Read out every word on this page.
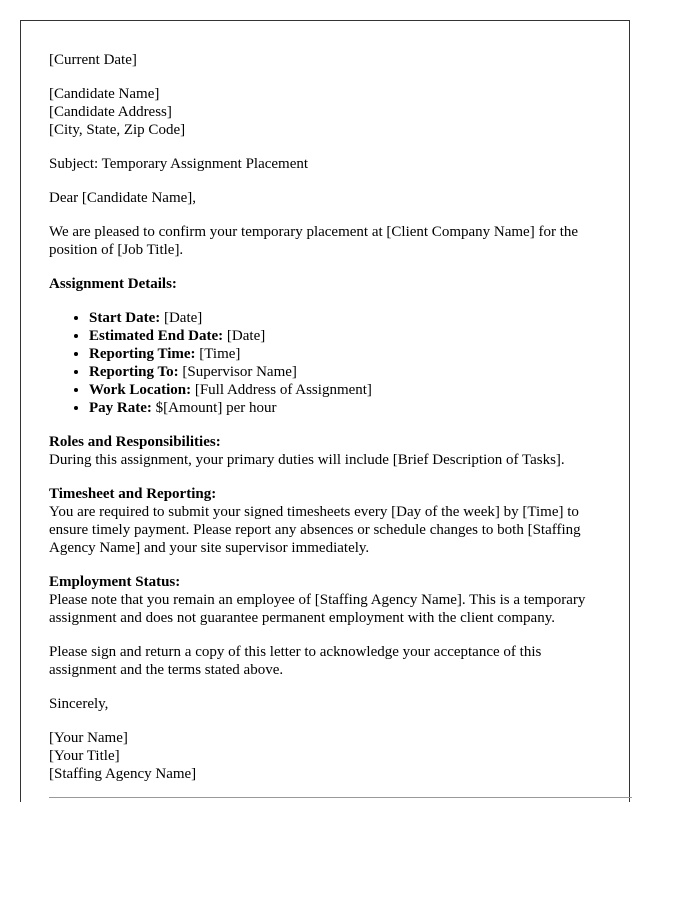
[Current Date]

[Candidate Name]
[Candidate Address]
[City, State, Zip Code]

Subject: Temporary Assignment Placement

Dear [Candidate Name],

We are pleased to confirm your temporary placement at [Client Company Name] for the position of [Job Title].

Assignment Details:

• Start Date: [Date]
• Estimated End Date: [Date]
• Reporting Time: [Time]
• Reporting To: [Supervisor Name]
• Work Location: [Full Address of Assignment]
• Pay Rate: $[Amount] per hour

Roles and Responsibilities:
During this assignment, your primary duties will include [Brief Description of Tasks].

Timesheet and Reporting:
You are required to submit your signed timesheets every [Day of the week] by [Time] to ensure timely payment. Please report any absences or schedule changes to both [Staffing Agency Name] and your site supervisor immediately.

Employment Status:
Please note that you remain an employee of [Staffing Agency Name]. This is a temporary assignment and does not guarantee permanent employment with the client company.

Please sign and return a copy of this letter to acknowledge your acceptance of this assignment and the terms stated above.

Sincerely,

[Your Name]
[Your Title]
[Staffing Agency Name]
